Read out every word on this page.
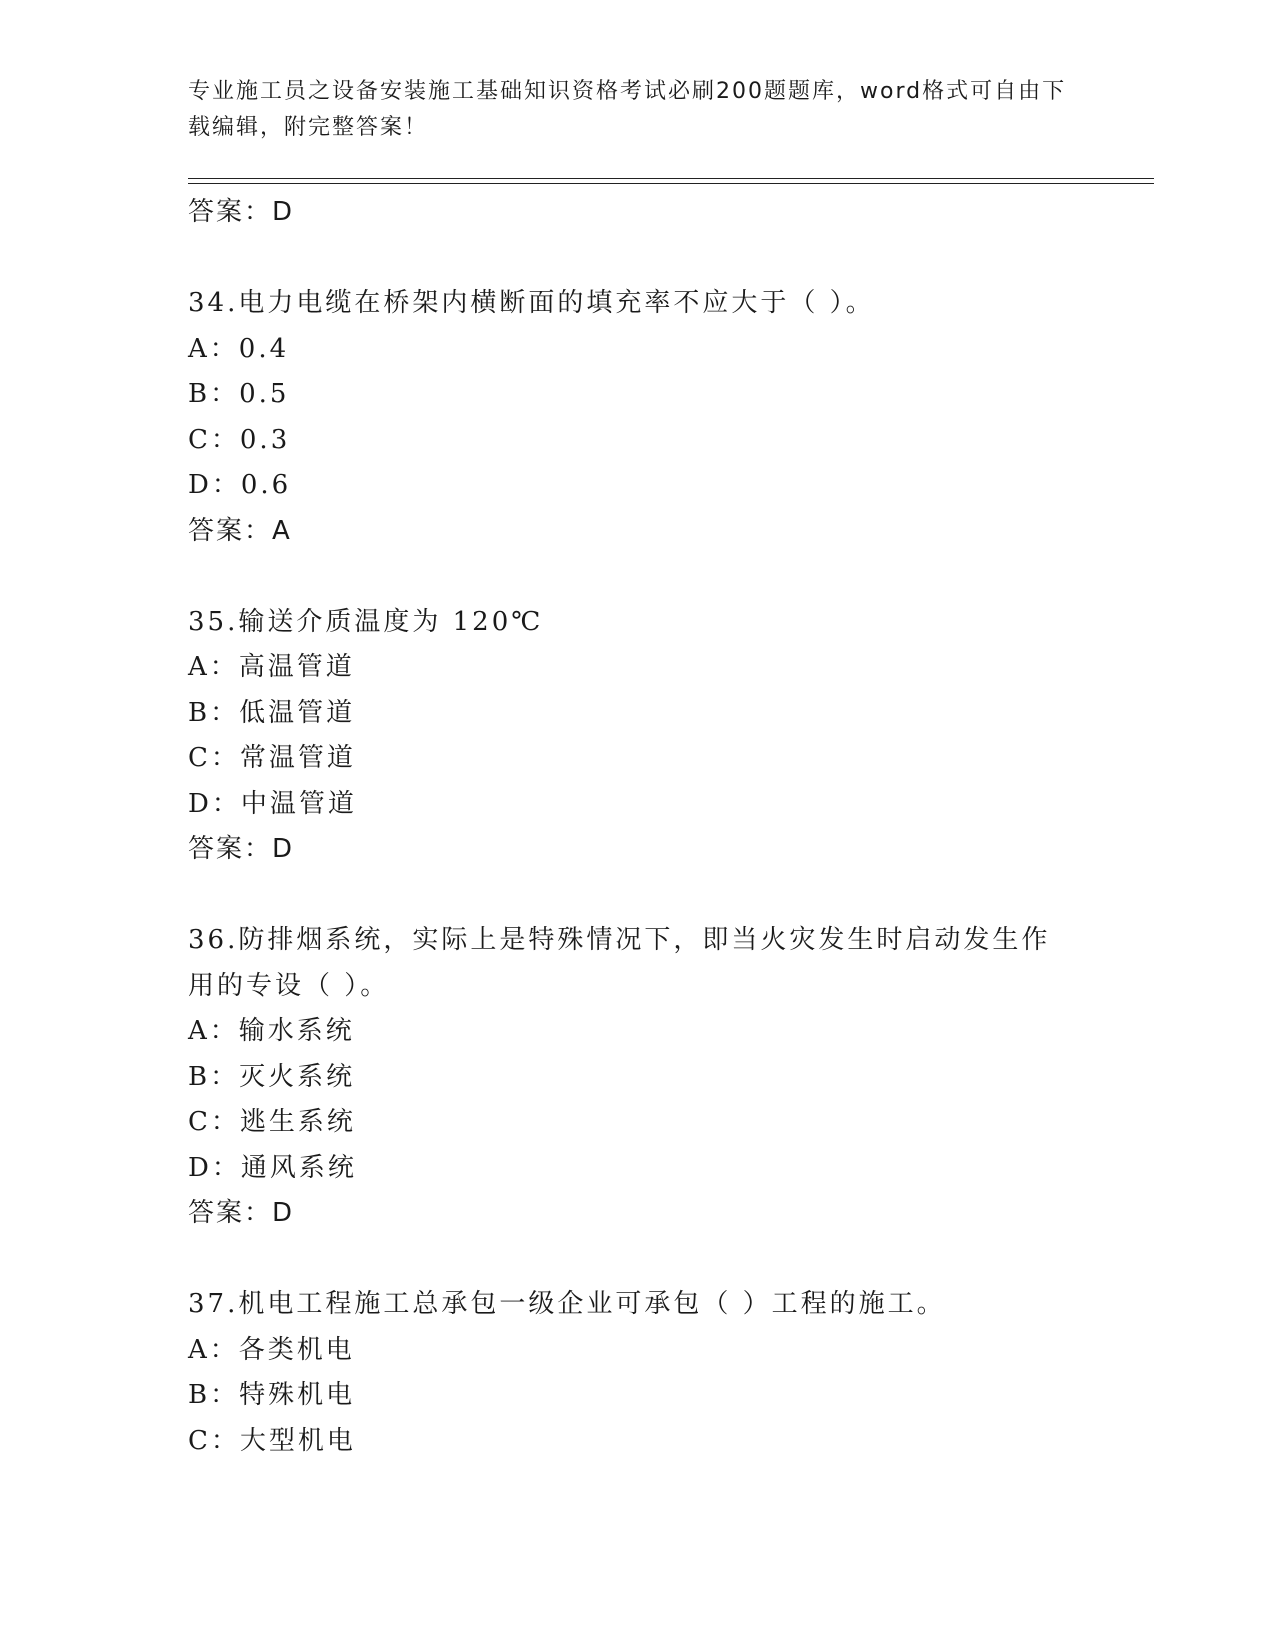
专业施工员之设备安装施工基础知识资格考试必刷200题题库，word格式可自由下载编辑，附完整答案！
答案：D
34.电力电缆在桥架内横断面的填充率不应大于（ ）。
A：0.4
B：0.5
C：0.3
D：0.6
答案：A
35.输送介质温度为 120℃
A：高温管道
B：低温管道
C：常温管道
D：中温管道
答案：D
36.防排烟系统，实际上是特殊情况下，即当火灾发生时启动发生作用的专设（ ）。
A：输水系统
B：灭火系统
C：逃生系统
D：通风系统
答案：D
37.机电工程施工总承包一级企业可承包（ ）工程的施工。
A：各类机电
B：特殊机电
C：大型机电
